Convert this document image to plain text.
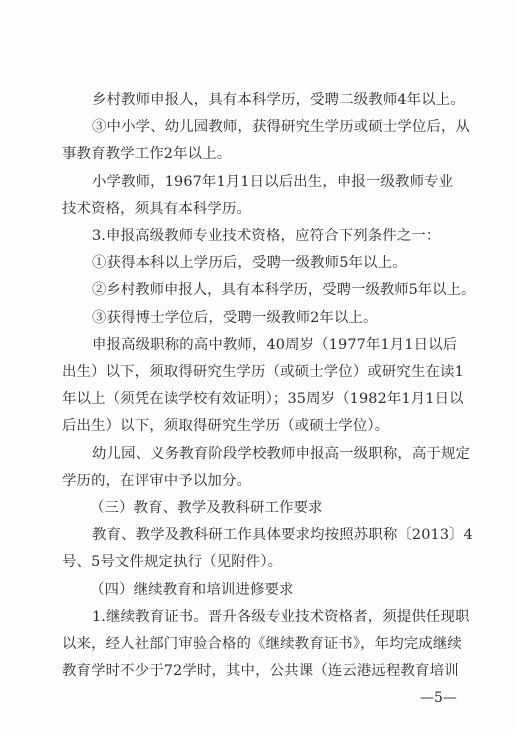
乡村教师申报人，具有本科学历，受聘二级教师4年以上。
③中小学、幼儿园教师，获得研究生学历或硕士学位后，从
事教育教学工作2年以上。
小学教师，1967年1月1日以后出生，申报一级教师专业
技术资格，须具有本科学历。
3.申报高级教师专业技术资格，应符合下列条件之一：
①获得本科以上学历后，受聘一级教师5年以上。
②乡村教师申报人，具有本科学历，受聘一级教师5年以上。
③获得博士学位后，受聘一级教师2年以上。
申报高级职称的高中教师，40周岁（1977年1月1日以后
出生）以下，须取得研究生学历（或硕士学位）或研究生在读1
年以上（须凭在读学校有效证明）；35周岁（1982年1月1日以
后出生）以下，须取得研究生学历（或硕士学位）。
幼儿园、义务教育阶段学校教师申报高一级职称，高于规定
学历的，在评审中予以加分。
（三）教育、教学及教科研工作要求
教育、教学及教科研工作具体要求均按照苏职称〔2013〕4
号、5号文件规定执行（见附件）。
（四）继续教育和培训进修要求
1.继续教育证书。晋升各级专业技术资格者，须提供任现职
以来，经人社部门审验合格的《继续教育证书》，年均完成继续
教育学时不少于72学时，其中，公共课（连云港远程教育培训
—5—
